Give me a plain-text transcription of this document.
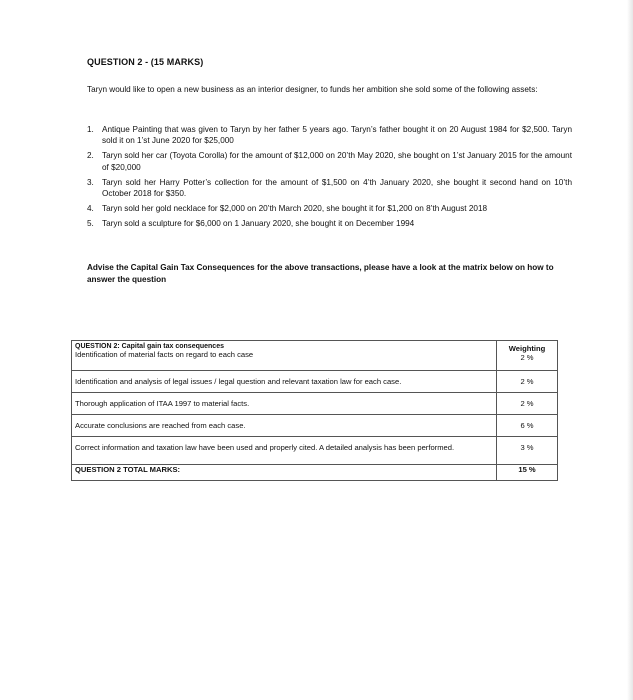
QUESTION 2 - (15 MARKS)
Taryn would like to open a new business as an interior designer, to funds her ambition she sold some of the following assets:
1. Antique Painting that was given to Taryn by her father 5 years ago. Taryn’s father bought it on 20 August 1984 for $2,500. Taryn sold it on 1’st June 2020 for $25,000
2. Taryn sold her car (Toyota Corolla) for the amount of $12,000 on 20’th May 2020, she bought on 1’st January 2015 for the amount of $20,000
3. Taryn sold her Harry Potter’s collection for the amount of $1,500 on 4’th January 2020, she bought it second hand on 10’th October 2018 for $350.
4. Taryn sold her gold necklace for $2,000 on 20’th March 2020, she bought it for $1,200 on 8’th August 2018
5. Taryn sold a sculpture for $6,000 on 1 January 2020, she bought it on December 1994
Advise the Capital Gain Tax Consequences for the above transactions, please have a look at the matrix below on how to answer the question
QUESTION 2: Capital gain tax consequences
Identification of material facts on regard to each case	Weighting
2 %

Identification and analysis of legal issues / legal question and relevant taxation law for each case.	2 %

Thorough application of ITAA 1997 to material facts.	2 %

Accurate conclusions are reached from each case.	6 %

Correct information and taxation law have been used and properly cited. A detailed analysis has been performed.	3 %

QUESTION 2 TOTAL MARKS:	15 %
